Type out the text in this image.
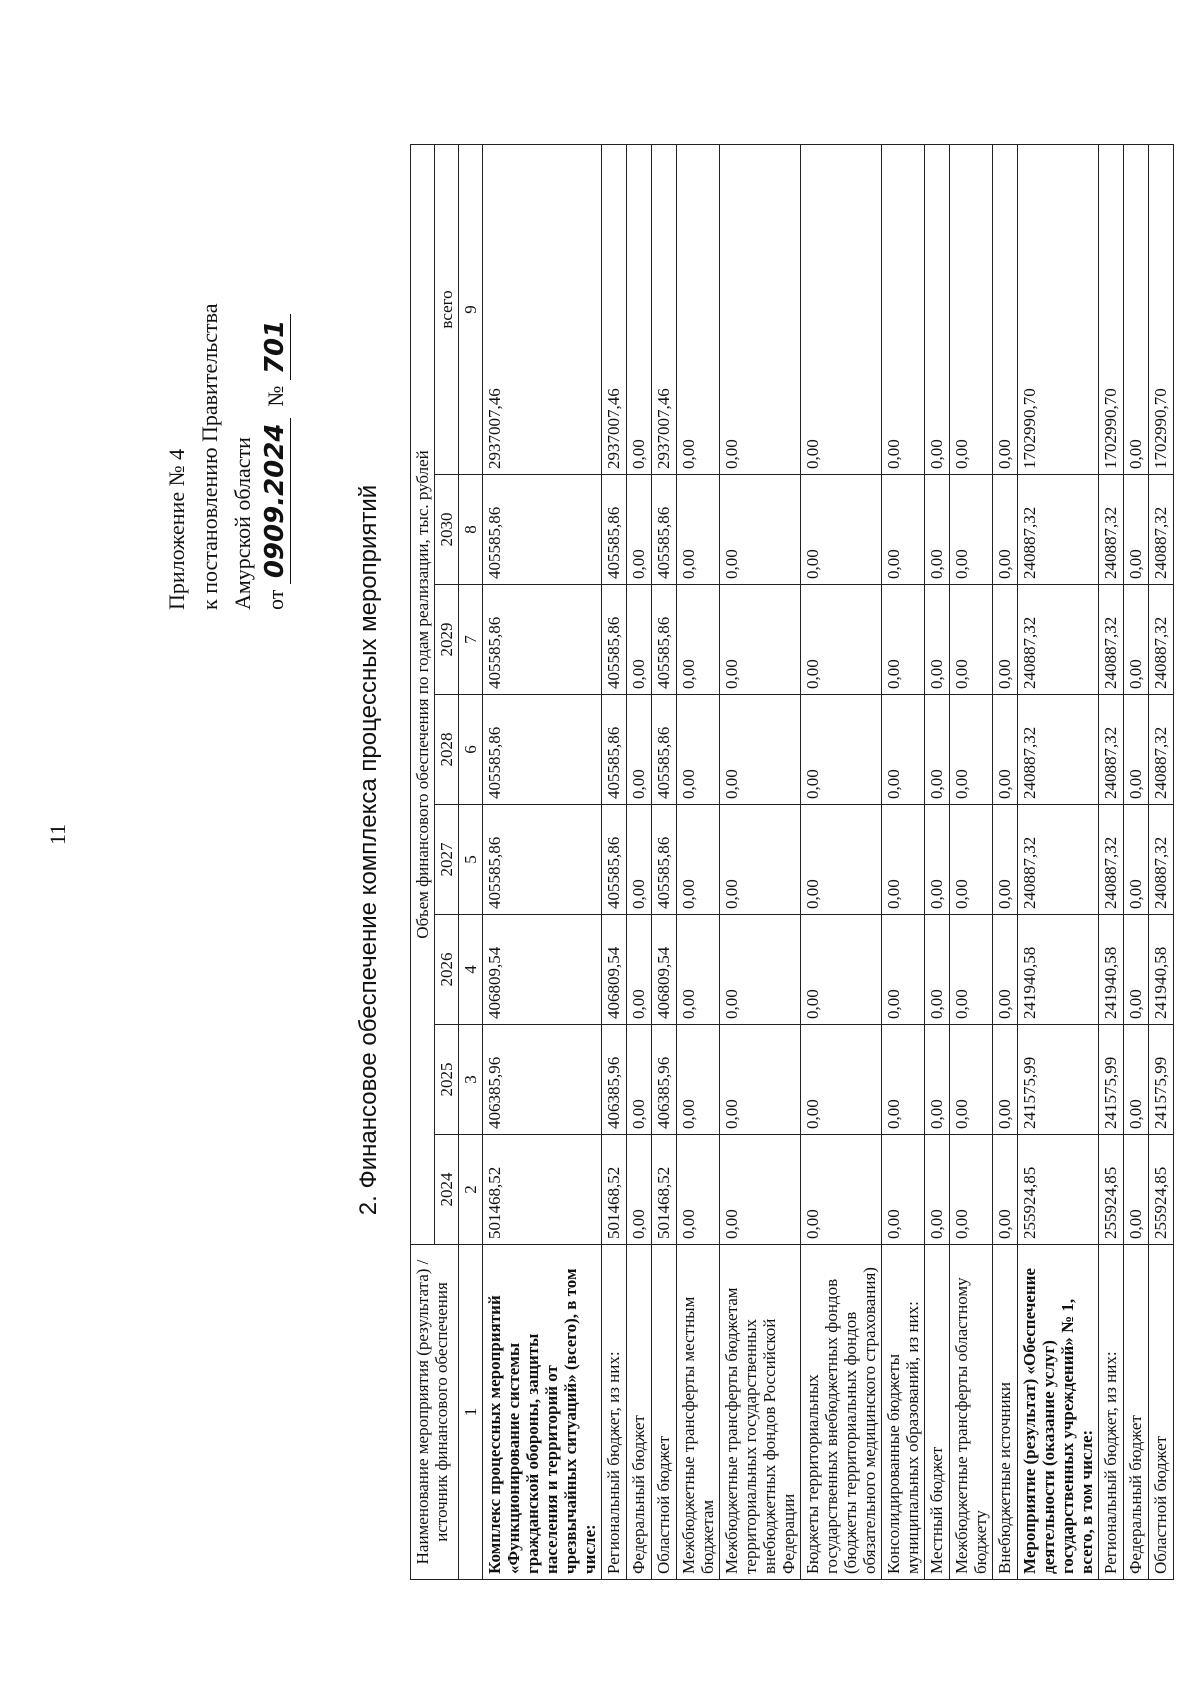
11
Приложение № 4 к постановлению Правительства Амурской области от 0909.2024  № 701
2. Финансовое обеспечение комплекса процессных мероприятий
Наименование мероприятия (результата) / источник финансового обеспечения	Объем финансового обеспечения по годам реализации, тыс. рублей							
	2024	2025	2026	2027	2028	2029	2030	всего
1	2	3	4	5	6	7	8	9
Комплекс процессных мероприятий «Функционирование системы гражданской обороны, защиты населения и территорий от чрезвычайных ситуаций» (всего), в том числе:	501468,52	406385,96	406809,54	405585,86	405585,86	405585,86	405585,86	2937007,46
Региональный бюджет, из них:	501468,52	406385,96	406809,54	405585,86	405585,86	405585,86	405585,86	2937007,46
Федеральный бюджет	0,00	0,00	0,00	0,00	0,00	0,00	0,00	0,00
Областной бюджет	501468,52	406385,96	406809,54	405585,86	405585,86	405585,86	405585,86	2937007,46
Межбюджетные трансферты местным бюджетам	0,00	0,00	0,00	0,00	0,00	0,00	0,00	0,00
Межбюджетные трансферты бюджетам территориальных государственных внебюджетных фондов Российской Федерации	0,00	0,00	0,00	0,00	0,00	0,00	0,00	0,00
Бюджеты территориальных государственных внебюджетных фондов (бюджеты территориальных фондов обязательного медицинского страхования)	0,00	0,00	0,00	0,00	0,00	0,00	0,00	0,00
Консолидированные бюджеты муниципальных образований, из них:	0,00	0,00	0,00	0,00	0,00	0,00	0,00	0,00
Местный бюджет	0,00	0,00	0,00	0,00	0,00	0,00	0,00	0,00
Межбюджетные трансферты областному бюджету	0,00	0,00	0,00	0,00	0,00	0,00	0,00	0,00
Внебюджетные источники	0,00	0,00	0,00	0,00	0,00	0,00	0,00	0,00
Мероприятие (результат) «Обеспечение деятельности (оказание услуг) государственных учреждений» № 1, всего, в том числе:	255924,85	241575,99	241940,58	240887,32	240887,32	240887,32	240887,32	1702990,70
Региональный бюджет, из них:	255924,85	241575,99	241940,58	240887,32	240887,32	240887,32	240887,32	1702990,70
Федеральный бюджет	0,00	0,00	0,00	0,00	0,00	0,00	0,00	0,00
Областной бюджет	255924,85	241575,99	241940,58	240887,32	240887,32	240887,32	240887,32	1702990,70
